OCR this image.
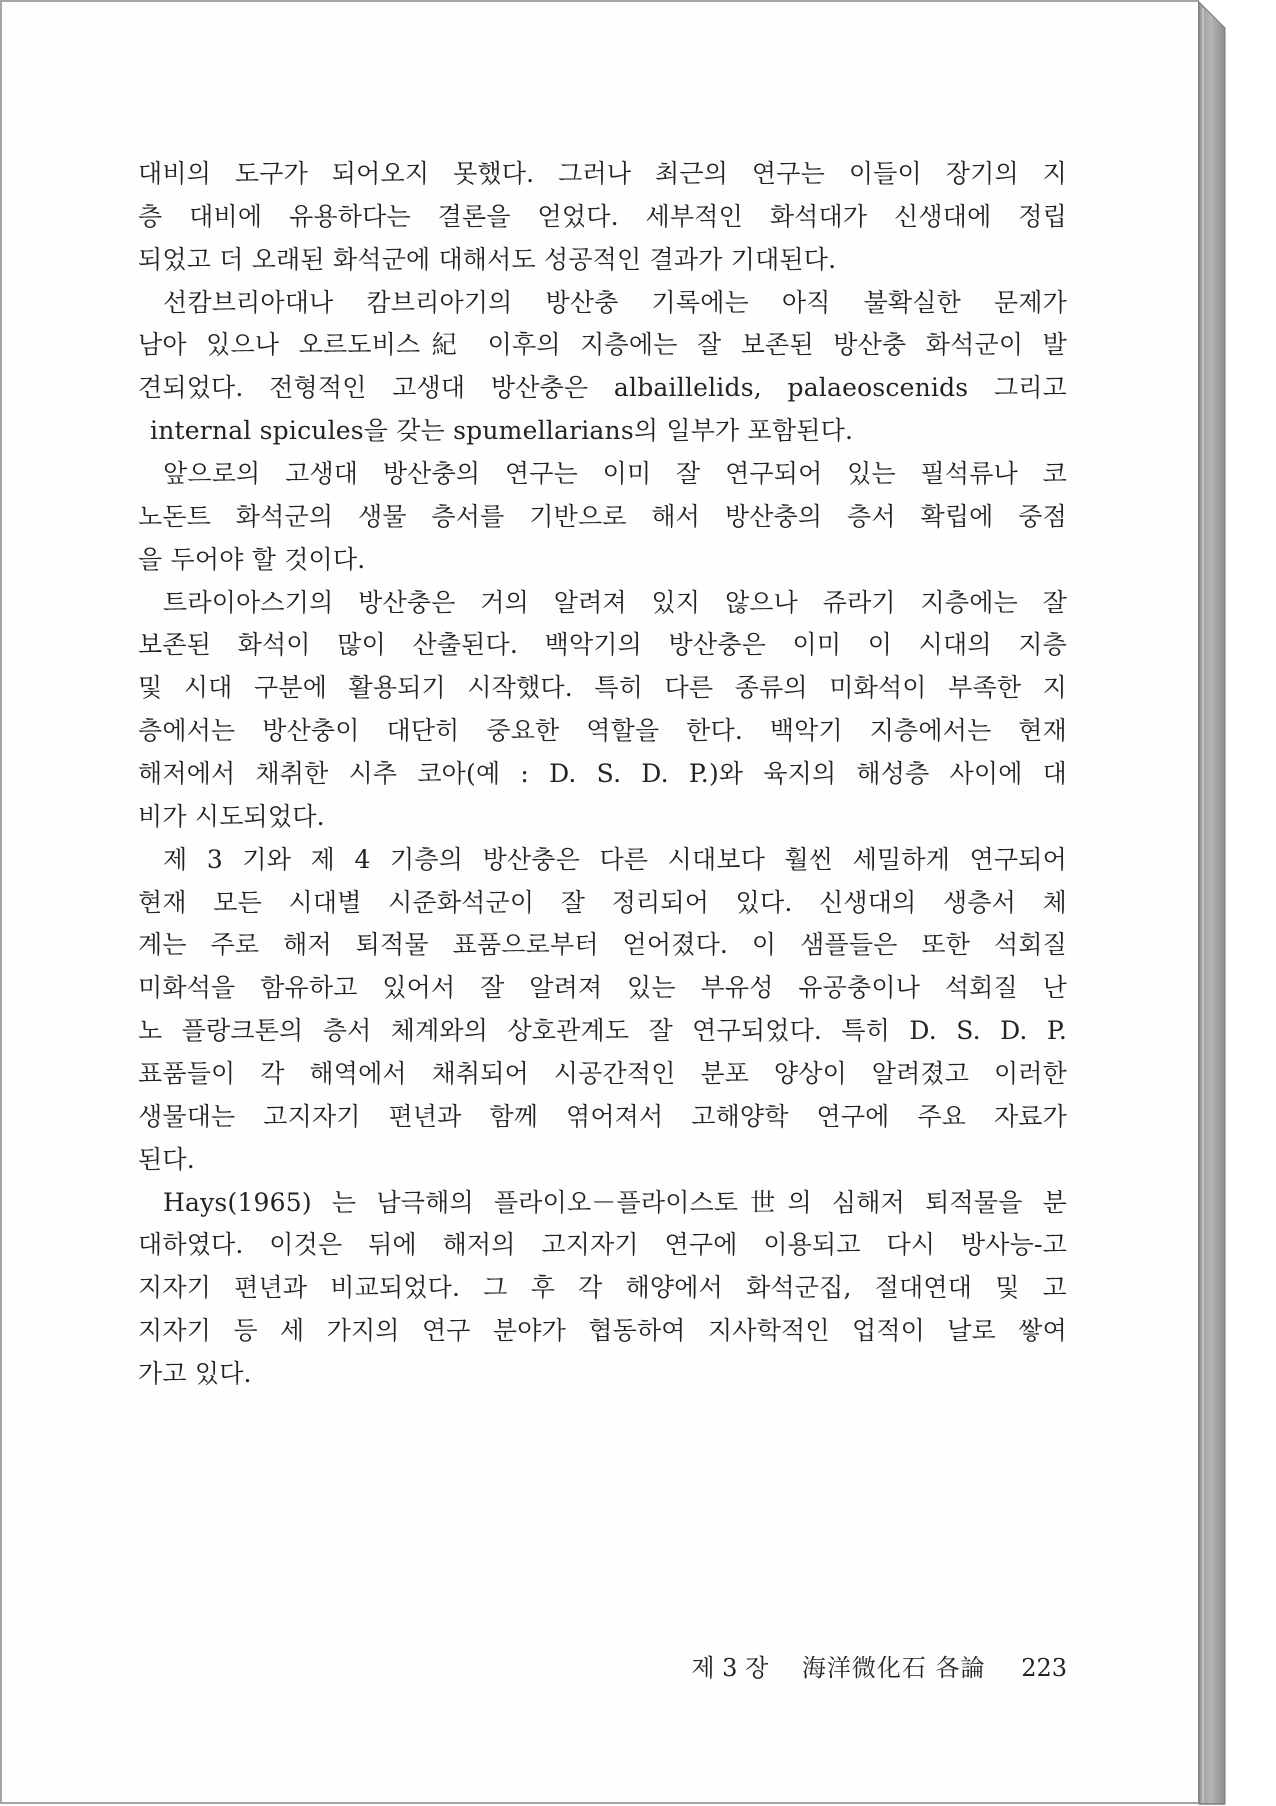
대비의 도구가 되어오지 못했다. 그러나 최근의 연구는 이들이 장기의 지
층 대비에 유용하다는 결론을 얻었다. 세부적인 화석대가 신생대에 정립
되었고 더 오래된 화석군에 대해서도 성공적인 결과가 기대된다.
선캄브리아대나 캄브리아기의 방산충 기록에는 아직 불확실한 문제가
남아 있으나 오르도비스紀 이후의 지층에는 잘 보존된 방산충 화석군이 발
견되었다. 전형적인 고생대 방산충은 albaillelids, palaeoscenids 그리고
internal spicules을 갖는 spumellarians의 일부가 포함된다.
앞으로의 고생대 방산충의 연구는 이미 잘 연구되어 있는 필석류나 코
노돈트 화석군의 생물 층서를 기반으로 해서 방산충의 층서 확립에 중점
을 두어야 할 것이다.
트라이아스기의 방산충은 거의 알려져 있지 않으나 쥬라기 지층에는 잘
보존된 화석이 많이 산출된다. 백악기의 방산충은 이미 이 시대의 지층
및 시대 구분에 활용되기 시작했다. 특히 다른 종류의 미화석이 부족한 지
층에서는 방산충이 대단히 중요한 역할을 한다. 백악기 지층에서는 현재
해저에서 채취한 시추 코아(예 : D. S. D. P.)와 육지의 해성층 사이에 대
비가 시도되었다.
제 3 기와 제 4 기층의 방산충은 다른 시대보다 훨씬 세밀하게 연구되어
현재 모든 시대별 시준화석군이 잘 정리되어 있다. 신생대의 생층서 체
계는 주로 해저 퇴적물 표품으로부터 얻어졌다. 이 샘플들은 또한 석회질
미화석을 함유하고 있어서 잘 알려져 있는 부유성 유공충이나 석회질 난
노 플랑크톤의 층서 체계와의 상호관계도 잘 연구되었다. 특히 D. S. D. P.
표품들이 각 해역에서 채취되어 시공간적인 분포 양상이 알려졌고 이러한
생물대는 고지자기 편년과 함께 엮어져서 고해양학 연구에 주요 자료가
된다.
Hays(1965) 는 남극해의 플라이오－플라이스토世의 심해저 퇴적물을 분
대하였다. 이것은 뒤에 해저의 고지자기 연구에 이용되고 다시 방사능-고
지자기 편년과 비교되었다. 그 후 각 해양에서 화석군집, 절대연대 및 고
지자기 등 세 가지의 연구 분야가 협동하여 지사학적인 업적이 날로 쌓여
가고 있다.
제 3 장 海洋微化石 各論 223
